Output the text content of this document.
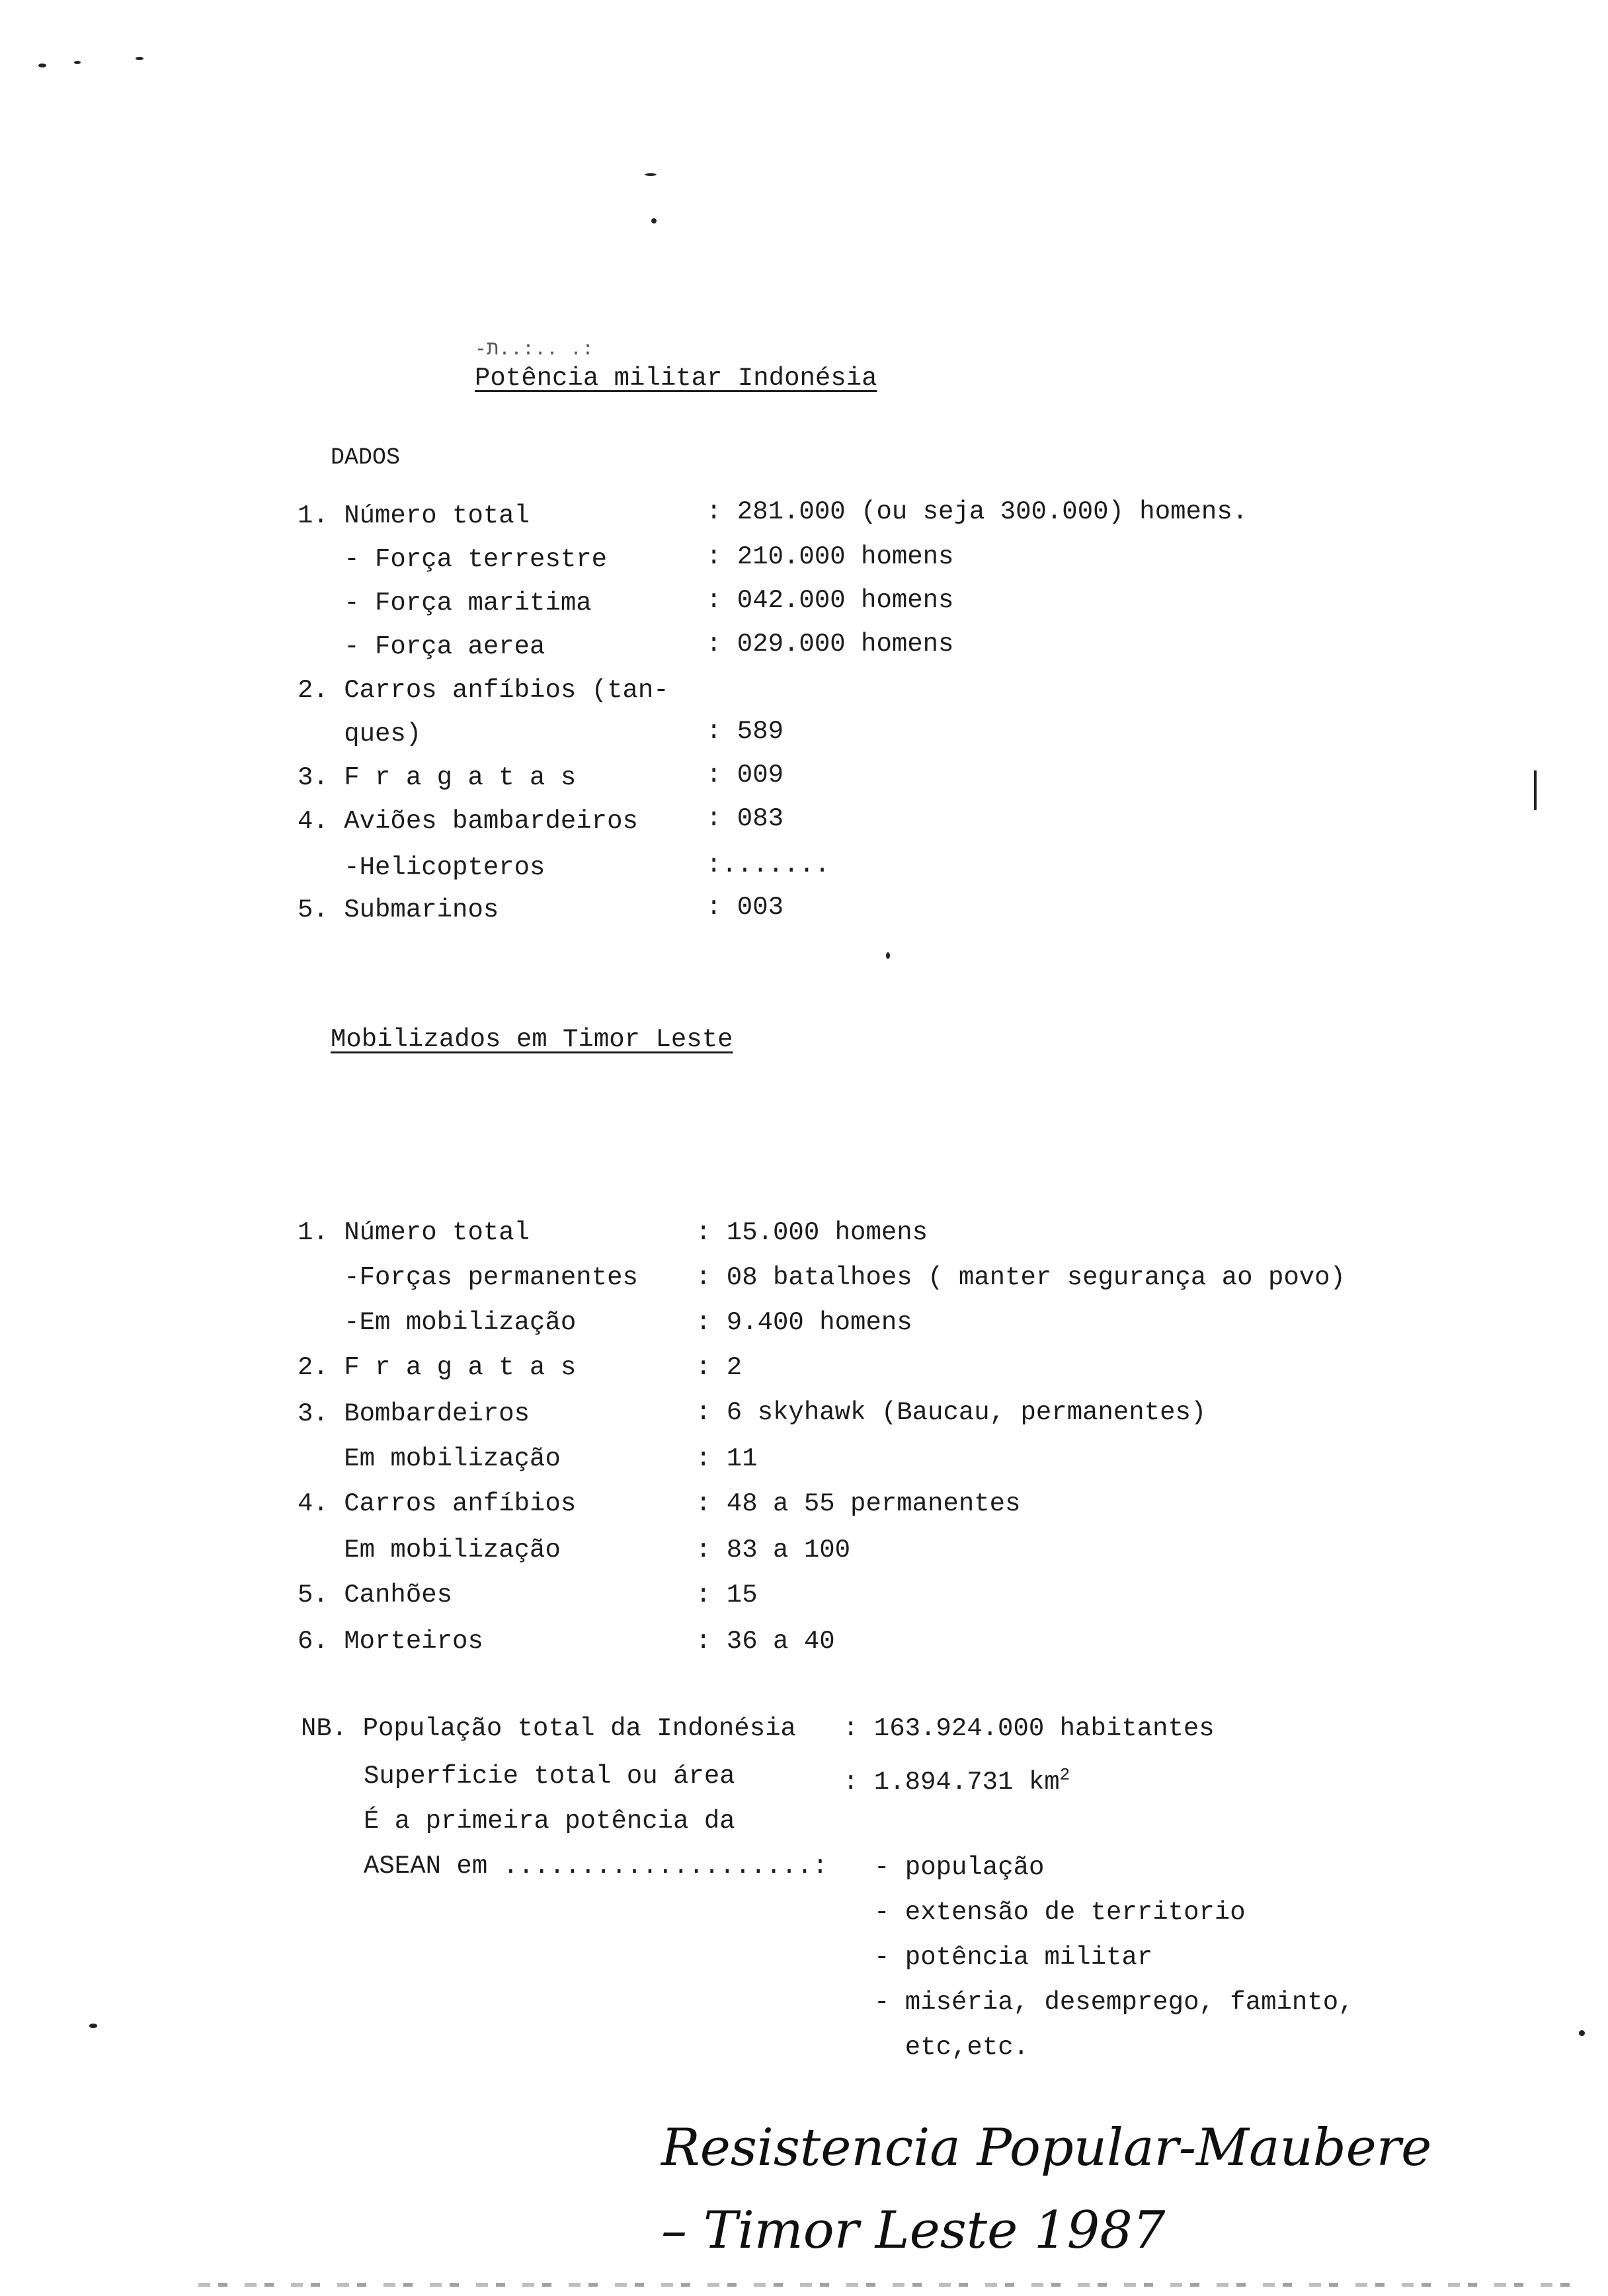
-ת..:.. .:
Potência militar Indonésia
DADOS
1. Número total
- Força terrestre
- Força maritima
- Força aerea
2. Carros anfíbios (tan-
ques)
3. F r a g a t a s
4. Aviões bambardeiros
-Helicopteros
5. Submarinos
: 281.000 (ou seja 300.000) homens.
: 210.000 homens
: 042.000 homens
: 029.000 homens
: 589
: 009
: 083
:.......
: 003
Mobilizados em Timor Leste
1. Número total
-Forças permanentes
-Em mobilização
2. F r a g a t a s
3. Bombardeiros
Em mobilização
4. Carros anfíbios
Em mobilização
5. Canhões
6. Morteiros
: 15.000 homens
: 08 batalhoes ( manter segurança ao povo)
: 9.400 homens
: 2
: 6 skyhawk (Baucau, permanentes)
: 11
: 48 a 55 permanentes
: 83 a 100
: 15
: 36 a 40
NB. População total da Indonésia : 163.924.000 habitantes
Superficie total ou área	: 1.894.731 $km^2$
É a primeira potência da
ASEAN em ....................: - população
- extensão de territorio
- potência militar
- miséria, desemprego, faminto,
etc,etc.
Resistencia Popular-Maubere
– Timor Leste 1987
